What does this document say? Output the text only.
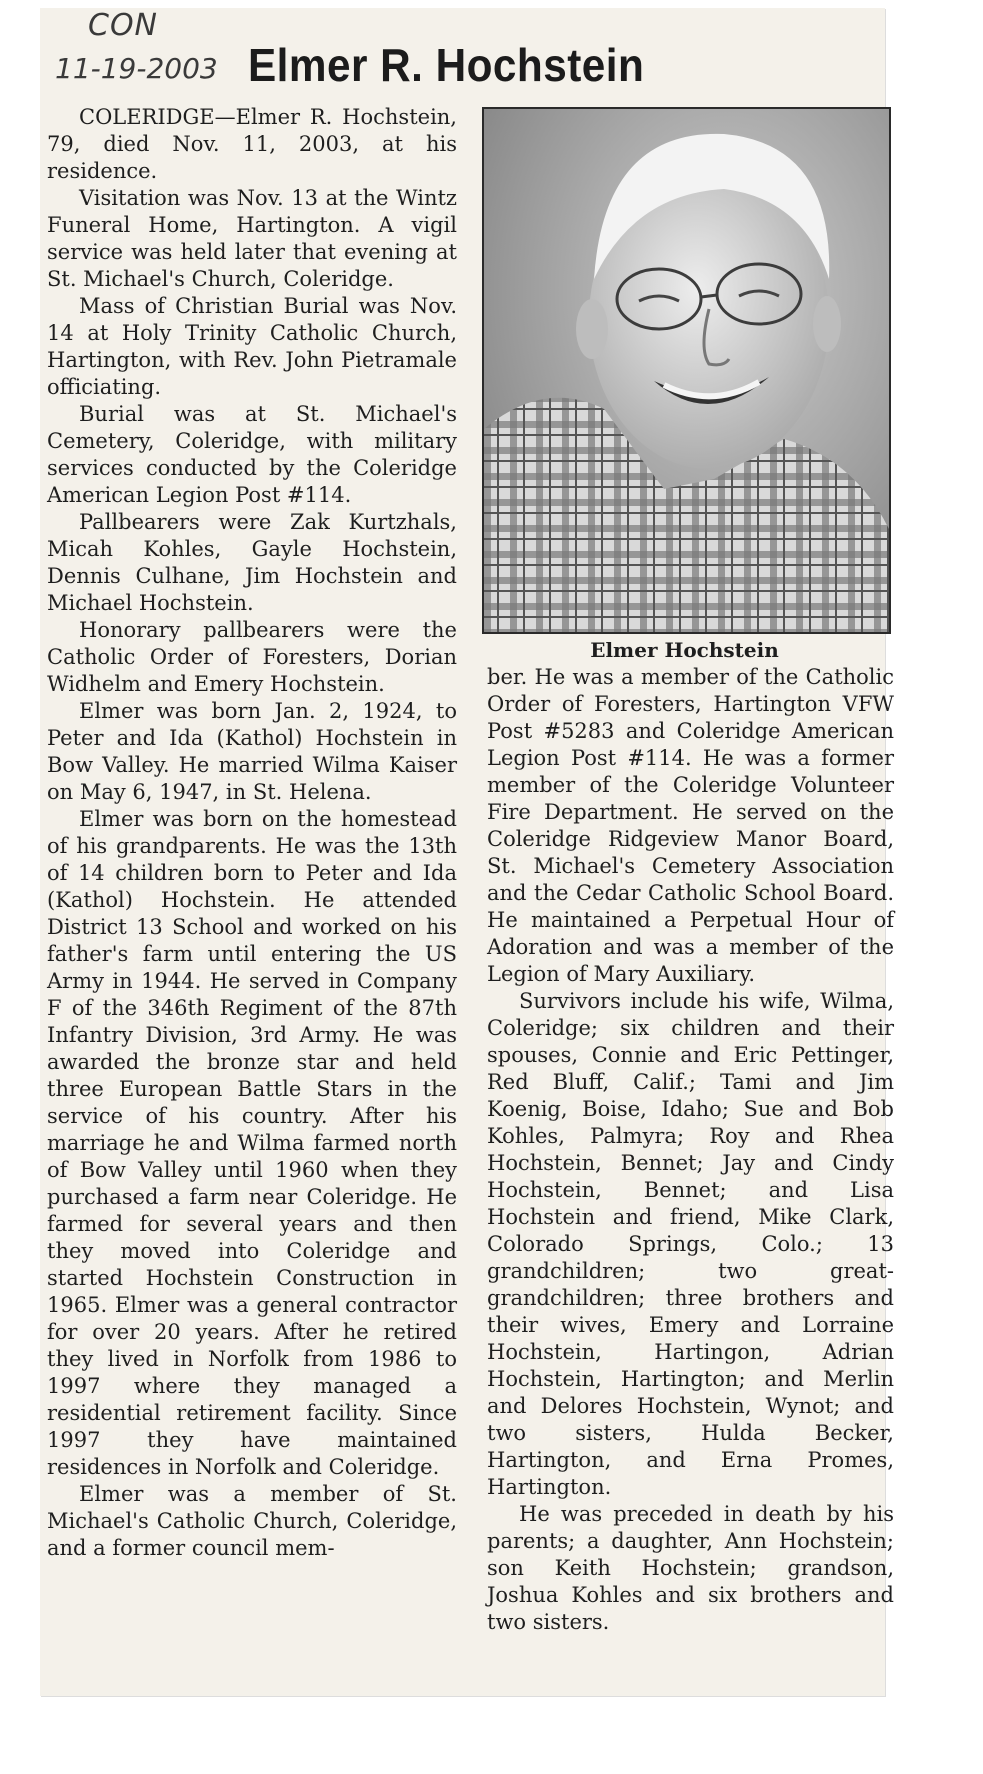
CON
11-19-2003 Elmer R. Hochstein

COLERIDGE—Elmer R. Hochstein, 79, died Nov. 11, 2003, at his residence.

Visitation was Nov. 13 at the Wintz Funeral Home, Hartington. A vigil service was held later that evening at St. Michael's Church, Coleridge.

Mass of Christian Burial was Nov. 14 at Holy Trinity Catholic Church, Hartington, with Rev. John Pietramale officiating.

Burial was at St. Michael's Cemetery, Coleridge, with military services conducted by the Coleridge American Legion Post #114.

Pallbearers were Zak Kurtzhals, Micah Kohles, Gayle Hochstein, Dennis Culhane, Jim Hochstein and Michael Hochstein.

Honorary pallbearers were the Catholic Order of Foresters, Dorian Widhelm and Emery Hochstein.

Elmer was born Jan. 2, 1924, to Peter and Ida (Kathol) Hochstein in Bow Valley. He married Wilma Kaiser on May 6, 1947, in St. Helena.

Elmer was born on the homestead of his grandparents. He was the 13th of 14 children born to Peter and Ida (Kathol) Hochstein. He attended District 13 School and worked on his father's farm until entering the US Army in 1944. He served in Company F of the 346th Regiment of the 87th Infantry Division, 3rd Army. He was awarded the bronze star and held three European Battle Stars in the service of his country. After his marriage he and Wilma farmed north of Bow Valley until 1960 when they purchased a farm near Coleridge. He farmed for several years and then they moved into Coleridge and started Hochstein Construction in 1965. Elmer was a general contractor for over 20 years. After he retired they lived in Norfolk from 1986 to 1997 where they managed a residential retirement facility. Since 1997 they have maintained residences in Norfolk and Coleridge.

Elmer was a member of St. Michael's Catholic Church, Coleridge, and a former council mem-

Elmer Hochstein

ber. He was a member of the Catholic Order of Foresters, Hartington VFW Post #5283 and Coleridge American Legion Post #114. He was a former member of the Coleridge Volunteer Fire Department. He served on the Coleridge Ridgeview Manor Board, St. Michael's Cemetery Association and the Cedar Catholic School Board. He maintained a Perpetual Hour of Adoration and was a member of the Legion of Mary Auxiliary.

Survivors include his wife, Wilma, Coleridge; six children and their spouses, Connie and Eric Pettinger, Red Bluff, Calif.; Tami and Jim Koenig, Boise, Idaho; Sue and Bob Kohles, Palmyra; Roy and Rhea Hochstein, Bennet; Jay and Cindy Hochstein, Bennet; and Lisa Hochstein and friend, Mike Clark, Colorado Springs, Colo.; 13 grandchildren; two great-grandchildren; three brothers and their wives, Emery and Lorraine Hochstein, Hartingon, Adrian Hochstein, Hartington; and Merlin and Delores Hochstein, Wynot; and two sisters, Hulda Becker, Hartington, and Erna Promes, Hartington.

He was preceded in death by his parents; a daughter, Ann Hochstein; son Keith Hochstein; grandson, Joshua Kohles and six brothers and two sisters.
